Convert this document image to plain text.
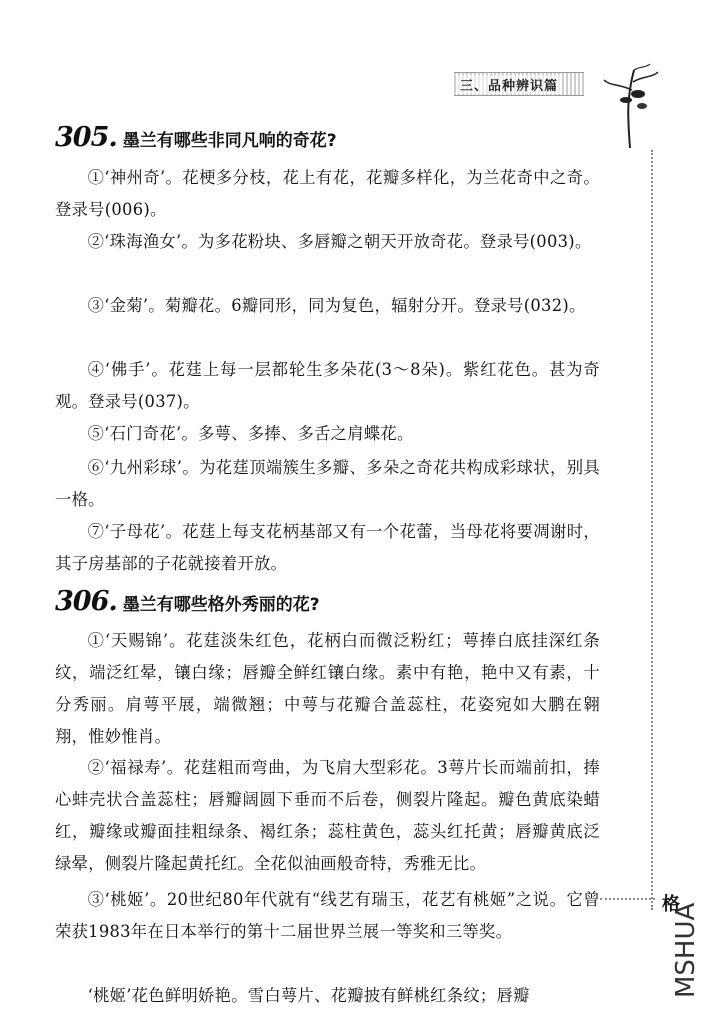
三、品种辨识篇
格
MSHUA
305. 墨兰有哪些非同凡响的奇花?
①‘神州奇’。花梗多分枝，花上有花，花瓣多样化，为兰花奇中之奇。登录号(006)。
②‘珠海渔女’。为多花粉块、多唇瓣之朝天开放奇花。登录号(003)。
③‘金菊’。菊瓣花。6瓣同形，同为复色，辐射分开。登录号(032)。
④‘佛手’。花莛上每一层都轮生多朵花(3～8朵)。紫红花色。甚为奇观。登录号(037)。
⑤‘石门奇花’。多萼、多捧、多舌之肩蝶花。
⑥‘九州彩球’。为花莛顶端簇生多瓣、多朵之奇花共构成彩球状，别具一格。
⑦‘子母花’。花莛上每支花柄基部又有一个花蕾，当母花将要凋谢时，其子房基部的子花就接着开放。
306. 墨兰有哪些格外秀丽的花?
①‘天赐锦’。花莛淡朱红色，花柄白而微泛粉红；萼捧白底挂深红条纹，端泛红晕，镶白缘；唇瓣全鲜红镶白缘。素中有艳，艳中又有素，十分秀丽。肩萼平展，端微翘；中萼与花瓣合盖蕊柱，花姿宛如大鹏在翱翔，惟妙惟肖。
②‘福禄寿’。花莛粗而弯曲，为飞肩大型彩花。3萼片长而端前扣，捧心蚌壳状合盖蕊柱；唇瓣阔圆下垂而不后卷，侧裂片隆起。瓣色黄底染蜡红，瓣缘或瓣面挂粗绿条、褐红条；蕊柱黄色，蕊头红托黄；唇瓣黄底泛绿晕，侧裂片隆起黄托红。全花似油画般奇特，秀雅无比。
③‘桃姬’。20世纪80年代就有“线艺有瑞玉，花艺有桃姬”之说。它曾荣获1983年在日本举行的第十二届世界兰展一等奖和三等奖。
‘桃姬’花色鲜明娇艳。雪白萼片、花瓣披有鲜桃红条纹；唇瓣
